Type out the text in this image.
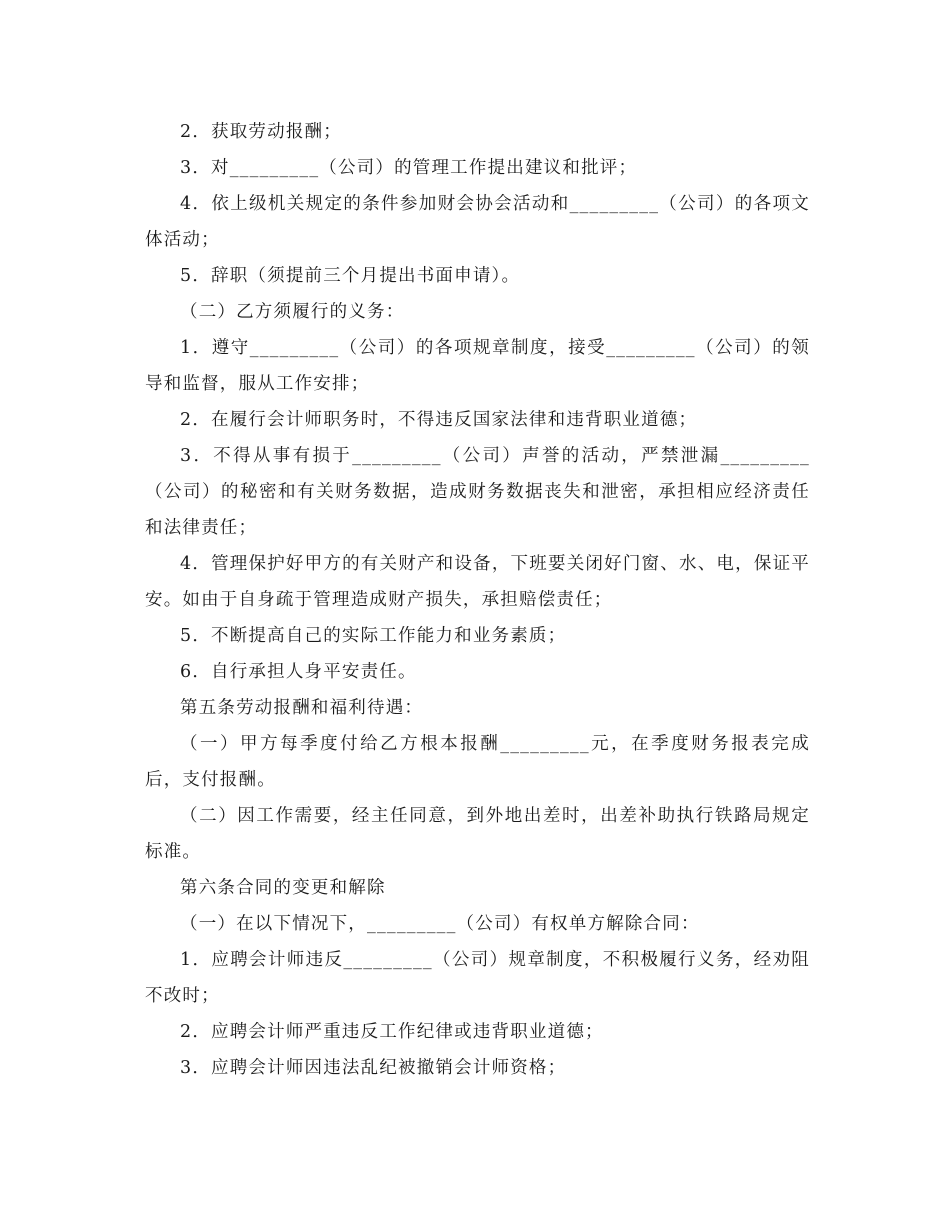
2．获取劳动报酬；

3．对_________（公司）的管理工作提出建议和批评；

4．依上级机关规定的条件参加财会协会活动和_________（公司）的各项文体活动；

5．辞职（须提前三个月提出书面申请）。

（二）乙方须履行的义务：

1．遵守_________（公司）的各项规章制度，接受_________（公司）的领导和监督，服从工作安排；

2．在履行会计师职务时，不得违反国家法律和违背职业道德；

3．不得从事有损于_________（公司）声誉的活动，严禁泄漏_________（公司）的秘密和有关财务数据，造成财务数据丧失和泄密，承担相应经济责任和法律责任；

4．管理保护好甲方的有关财产和设备，下班要关闭好门窗、水、电，保证平安。如由于自身疏于管理造成财产损失，承担赔偿责任；

5．不断提高自己的实际工作能力和业务素质；

6．自行承担人身平安责任。

第五条劳动报酬和福利待遇：

（一）甲方每季度付给乙方根本报酬_________元，在季度财务报表完成后，支付报酬。

（二）因工作需要，经主任同意，到外地出差时，出差补助执行铁路局规定标准。

第六条合同的变更和解除

（一）在以下情况下，_________（公司）有权单方解除合同：

1．应聘会计师违反_________（公司）规章制度，不积极履行义务，经劝阻不改时；

2．应聘会计师严重违反工作纪律或违背职业道德；

3．应聘会计师因违法乱纪被撤销会计师资格；
